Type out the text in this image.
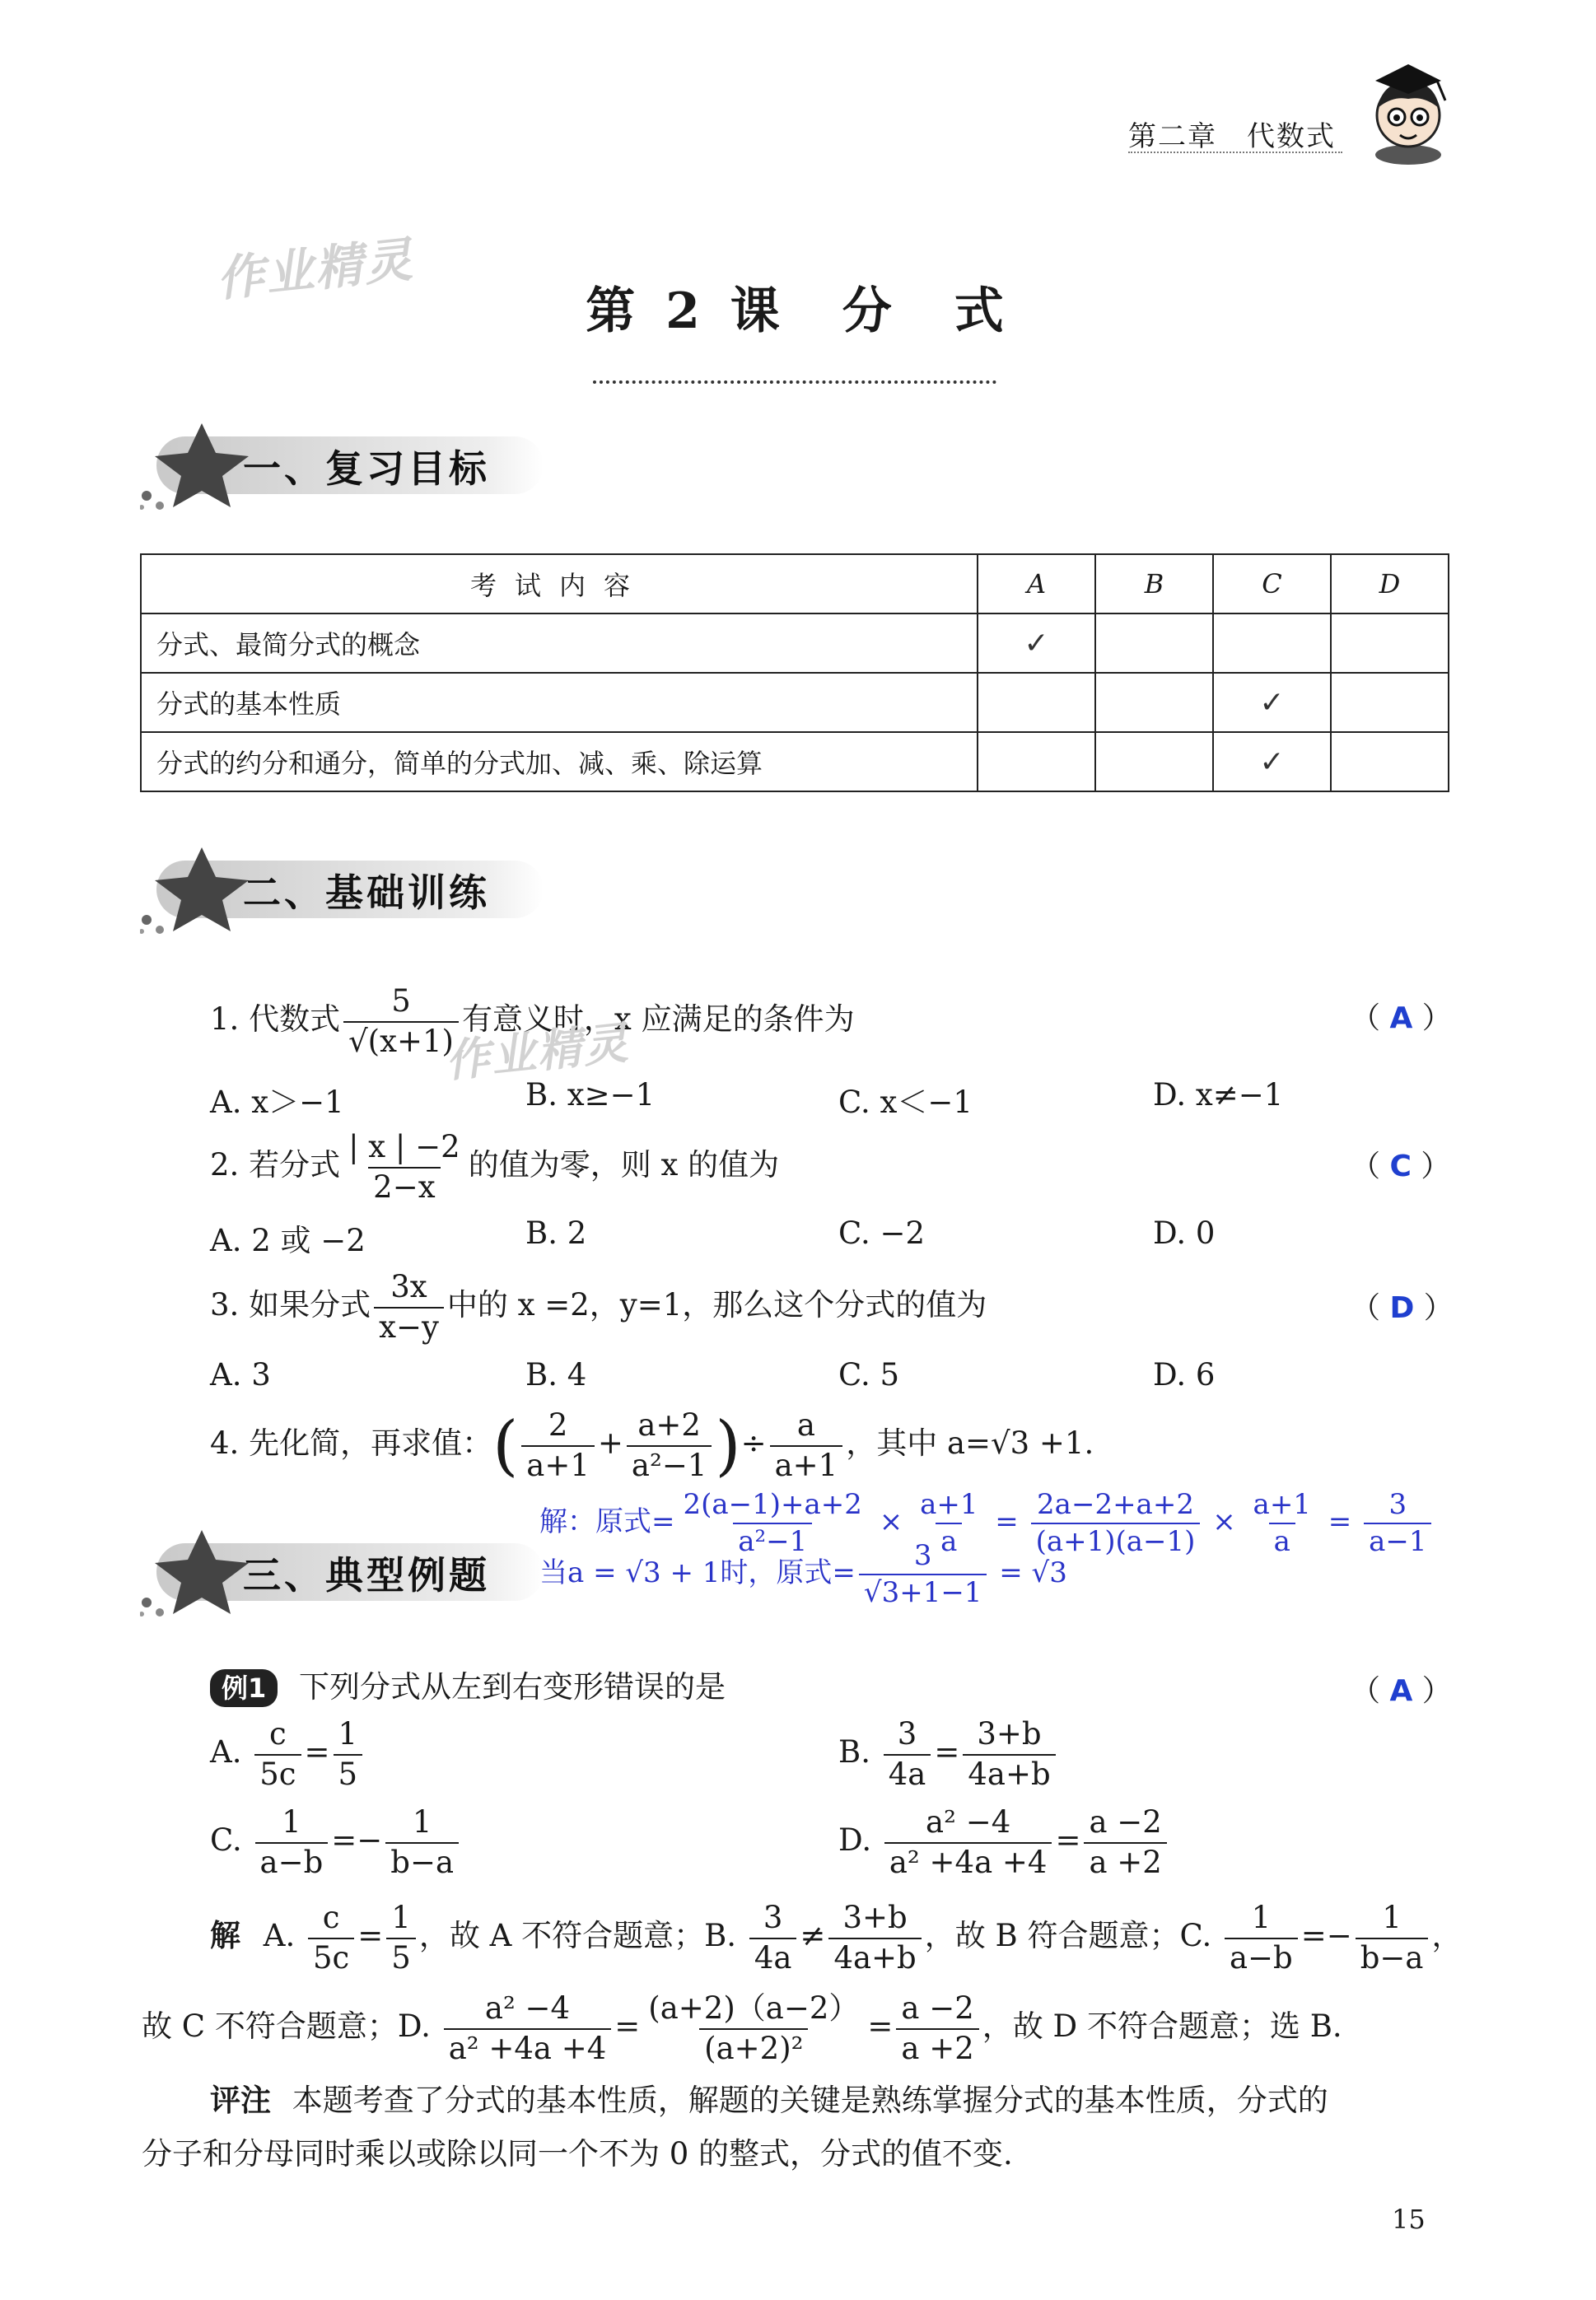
第二章　代数式
作业精灵
第 2 课　分　式
一、复习目标
考试内容	A	B	C	D
分式、最简分式的概念	✓			
分式的基本性质			✓	
分式的约分和通分，简单的分式加、减、乘、除运算			✓	
二、基础训练
1. 代数式 $\frac{5}{√(x+1)}$ 有意义时，x 应满足的条件为	（ A ）
作业精灵
A. x＞−1	B. x≥−1	C. x＜−1	D. x≠−1
2. 若分式 $\frac{| x | -2}{2-x}$ 的值为零，则 x 的值为	（ C ）
A. 2 或 −2	B. 2	C. −2	D. 0
3. 如果分式 $\frac{3x}{x-y}$ 中的 x =2，y=1，那么这个分式的值为	（ D ）
A. 3	B. 4	C. 5	D. 6
4. 先化简，再求值：( $\frac{2}{a+1} + \frac{a+2}{\text{a²−1}}$ )÷ $\frac{a}{a+1}$ ，其中 a=√3 +1.
解：原式= $\frac{2(a-1)+a+2}{\text{a²−1}} \times \frac{a+1}{a} = \frac{2a-2+a+2}{(a+1)(a-1)} \times \frac{a+1}{a} = \frac{3}{a-1}$
三、典型例题 当a = √3 + 1时，原式= $\frac{3}{√3+1-1} = √3$
例1 下列分式从左到右变形错误的是	（ A ）
A. $\frac{c}{5c} = \frac{1}{5}$	B. $\frac{3}{4a} = \frac{3+b}{4a+b}$
C. $\frac{1}{a-b} =- \frac{1}{b-a}$	D. $\frac{\text{a² −4}}{\text{a² +4a +4}} = \frac{a -2}{a +2}$
解 A. $\frac{c}{5c} = \frac{1}{5}$ ，故 A 不符合题意；B. $\frac{3}{4a} \ne \frac{3+b}{4a+b}$ ，故 B 符合题意；C. $\frac{1}{a-b} =- \frac{1}{b-a}$ ，
故 C 不符合题意；D. $\frac{\text{a² −4}}{\text{a² +4a +4}} = \frac{(a+2)(a-2)}{\text{(a+2)²}} = \frac{a -2}{a +2}$ ，故 D 不符合题意；选 B.
评注 本题考查了分式的基本性质，解题的关键是熟练掌握分式的基本性质，分式的
分子和分母同时乘以或除以同一个不为 0 的整式，分式的值不变.
15
